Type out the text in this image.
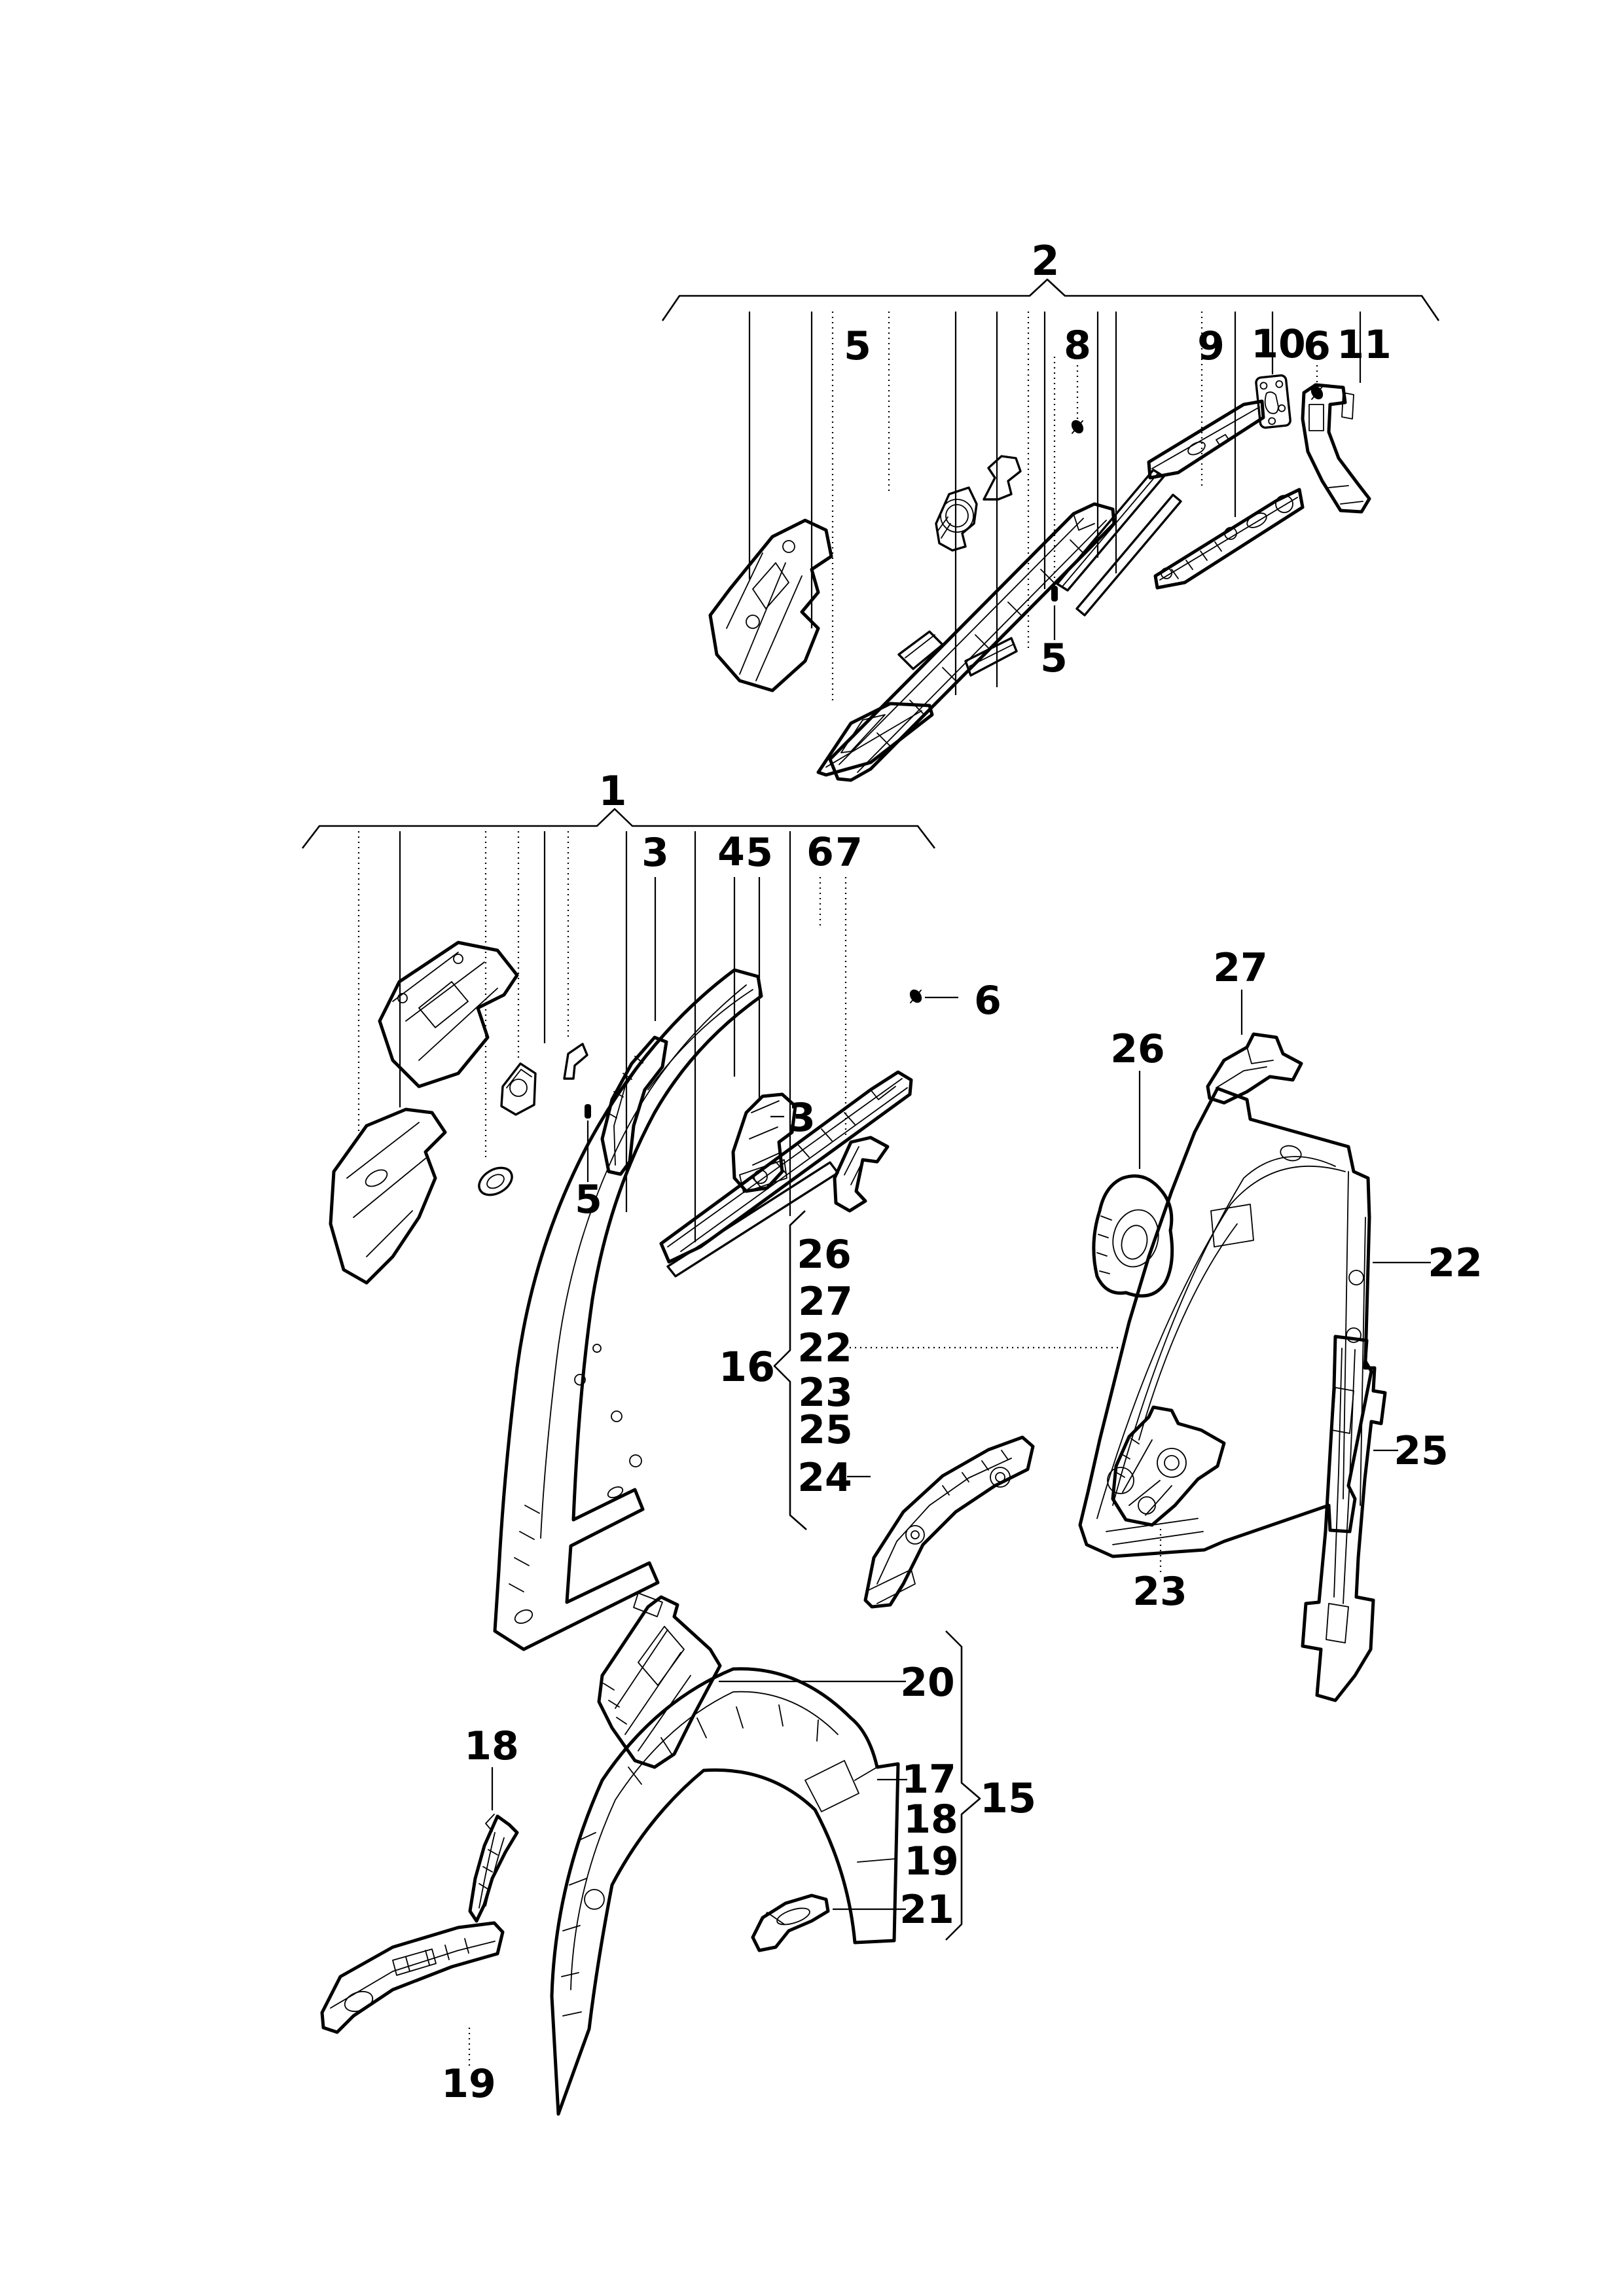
2
5	8	9 10
6 11
5
1
3 4 5 6 7
6
3
5
16
26
27
22
23
25
24
27
26
22
25
23
15
20
17
18
19
21
18
19
